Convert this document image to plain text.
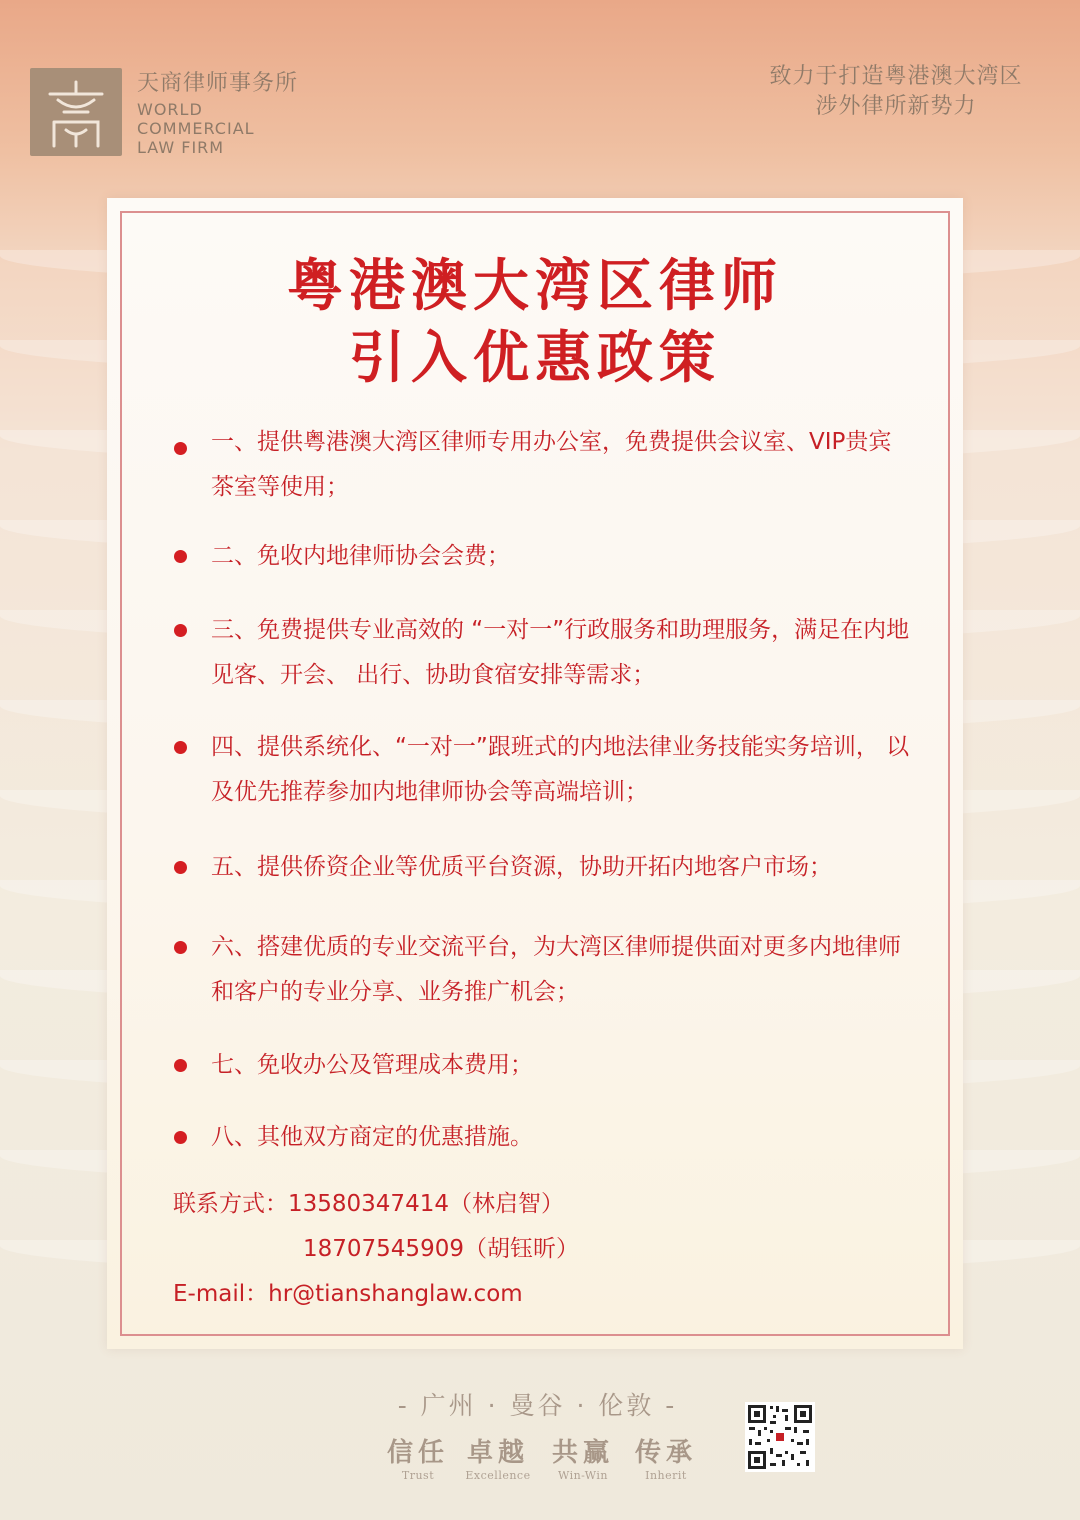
天商律师事务所
WORLD
COMMERCIAL
LAW FIRM
致力于打造粤港澳大湾区
涉外律所新势力
粤港澳大湾区律师
引入优惠政策
一、提供粤港澳大湾区律师专用办公室，免费提供会议室、VIP贵宾茶室等使用；
二、免收内地律师协会会费；
三、免费提供专业高效的 “一对一”行政服务和助理服务，满足在内地见客、开会、 出行、协助食宿安排等需求；
四、提供系统化、“一对一”跟班式的内地法律业务技能实务培训， 以及优先推荐参加内地律师协会等高端培训；
五、提供侨资企业等优质平台资源，协助开拓内地客户市场；
六、搭建优质的专业交流平台，为大湾区律师提供面对更多内地律师和客户的专业分享、业务推广机会；
七、免收办公及管理成本费用；
八、其他双方商定的优惠措施。
联系方式：13580347414（林启智）
18707545909（胡钰昕）
E-mail：hr@tianshanglaw.com
- 广州 · 曼谷 · 伦敦 -
信任
Trust
卓越
Excellence
共赢
Win-Win
传承
Inherit
